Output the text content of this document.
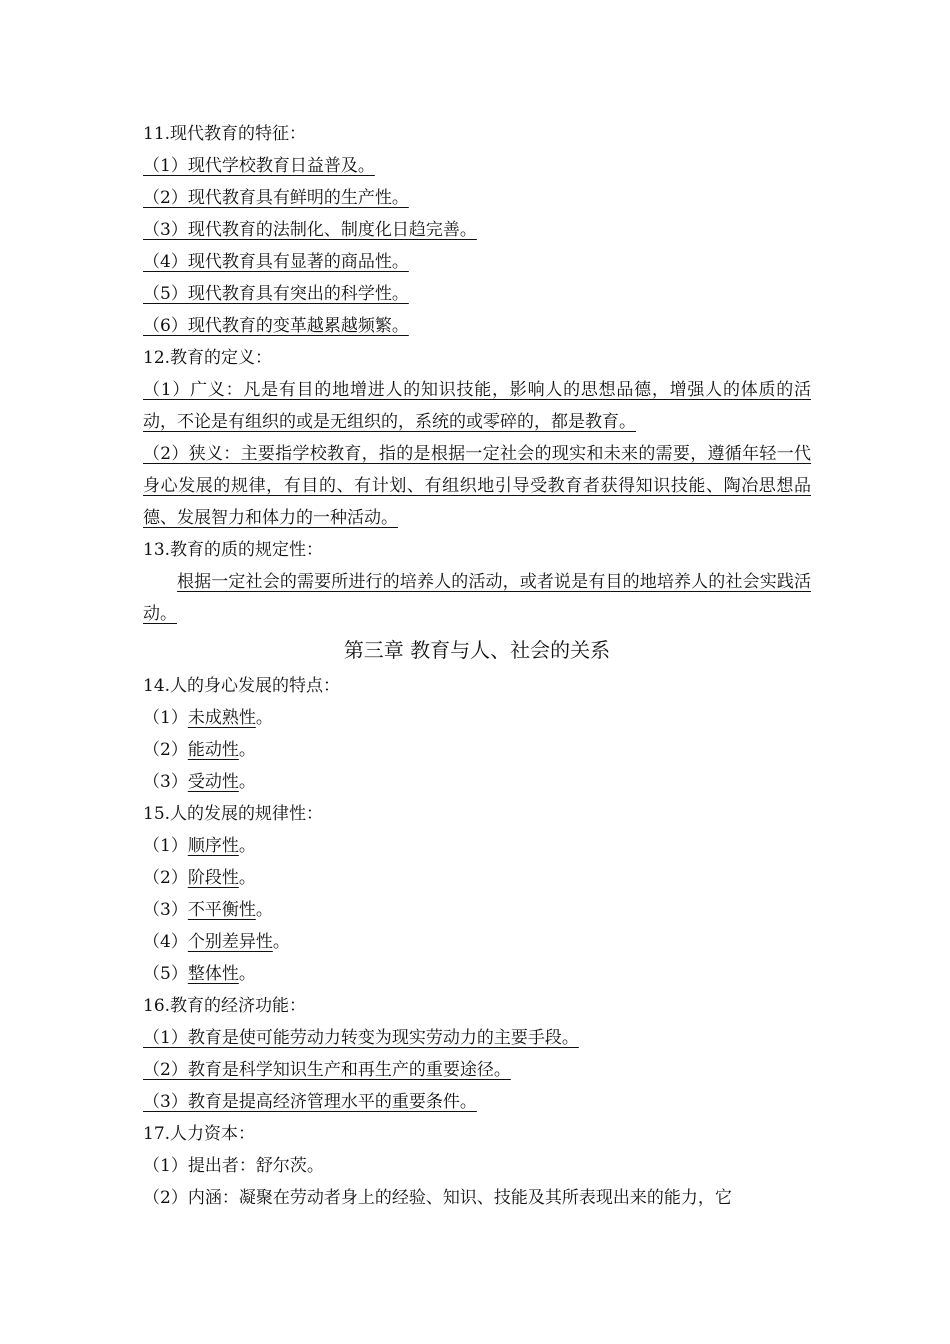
11.现代教育的特征：
（1）现代学校教育日益普及。
（2）现代教育具有鲜明的生产性。
（3）现代教育的法制化、制度化日趋完善。
（4）现代教育具有显著的商品性。
（5）现代教育具有突出的科学性。
（6）现代教育的变革越累越频繁。
12.教育的定义：
（1）广义：凡是有目的地增进人的知识技能，影响人的思想品德，增强人的体质的活动，不论是有组织的或是无组织的，系统的或零碎的，都是教育。
（2）狭义：主要指学校教育，指的是根据一定社会的现实和未来的需要，遵循年轻一代身心发展的规律，有目的、有计划、有组织地引导受教育者获得知识技能、陶冶思想品德、发展智力和体力的一种活动。
13.教育的质的规定性：
根据一定社会的需要所进行的培养人的活动，或者说是有目的地培养人的社会实践活动。
第三章 教育与人、社会的关系
14.人的身心发展的特点：
（1）未成熟性。
（2）能动性。
（3）受动性。
15.人的发展的规律性：
（1）顺序性。
（2）阶段性。
（3）不平衡性。
（4）个别差异性。
（5）整体性。
16.教育的经济功能：
（1）教育是使可能劳动力转变为现实劳动力的主要手段。
（2）教育是科学知识生产和再生产的重要途径。
（3）教育是提高经济管理水平的重要条件。
17.人力资本：
（1）提出者：舒尔茨。
（2）内涵：凝聚在劳动者身上的经验、知识、技能及其所表现出来的能力，它
